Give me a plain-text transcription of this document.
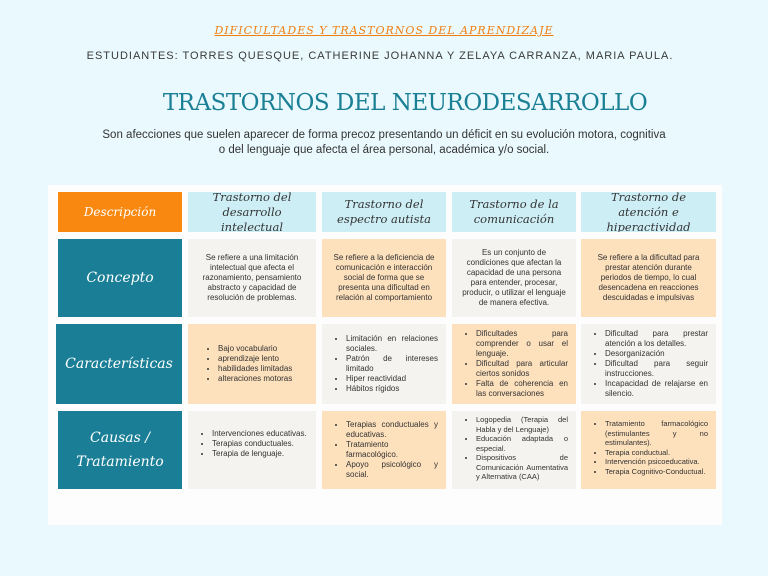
DIFICULTADES Y TRASTORNOS DEL APRENDIZAJE
ESTUDIANTES: TORRES QUESQUE, CATHERINE JOHANNA Y ZELAYA CARRANZA, MARIA PAULA.
TRASTORNOS DEL NEURODESARROLLO
Son afecciones que suelen aparecer de forma precoz presentando un déficit en su evolución motora, cognitiva o del lenguaje que afecta el área personal, académica y/o social.
Descripción
Trastorno del desarrollo intelectual
Trastorno del espectro autista
Trastorno de la comunicación
Trastorno de atención e hiperactividad
Concepto
Se refiere a una limitación intelectual que afecta el razonamiento, pensamiento abstracto y capacidad de resolución de problemas.
Se refiere a la deficiencia de comunicación e interacción social de forma que se presenta una dificultad en relación al comportamiento
Es un conjunto de condiciones que afectan la capacidad de una persona para entender, procesar, producir, o utilizar el lenguaje de manera efectiva.
Se refiere a la dificultad para prestar atención durante periodos de tiempo, lo cual desencadena en reacciones descuidadas e impulsivas
Características
• Bajo vocabulario
• aprendizaje lento
• habilidades limitadas
• alteraciones motoras
• Limitación en relaciones sociales.
• Patrón de intereses limitado
• Hiper reactividad
• Hábitos rígidos
• Dificultades para comprender o usar el lenguaje.
• Dificultad para articular ciertos sonidos
• Falta de coherencia en las conversaciones
• Dificultad para prestar atención a los detalles.
• Desorganización
• Dificultad para seguir instrucciones.
• Incapacidad de relajarse en silencio.
Causas / Tratamiento
• Intervenciones educativas.
• Terapias conductuales.
• Terapia de lenguaje.
• Terapias conductuales y educativas.
• Tratamiento farmacológico.
• Apoyo psicológico y social.
• Logopedia (Terapia del Habla y del Lenguaje)
• Educación adaptada o especial.
• Dispositivos de Comunicación Aumentativa y Alternativa (CAA)
• Tratamiento farmacológico (estimulantes y no estimulantes).
• Terapia conductual.
• Intervención psicoeducativa.
• Terapia Cognitivo-Conductual.
